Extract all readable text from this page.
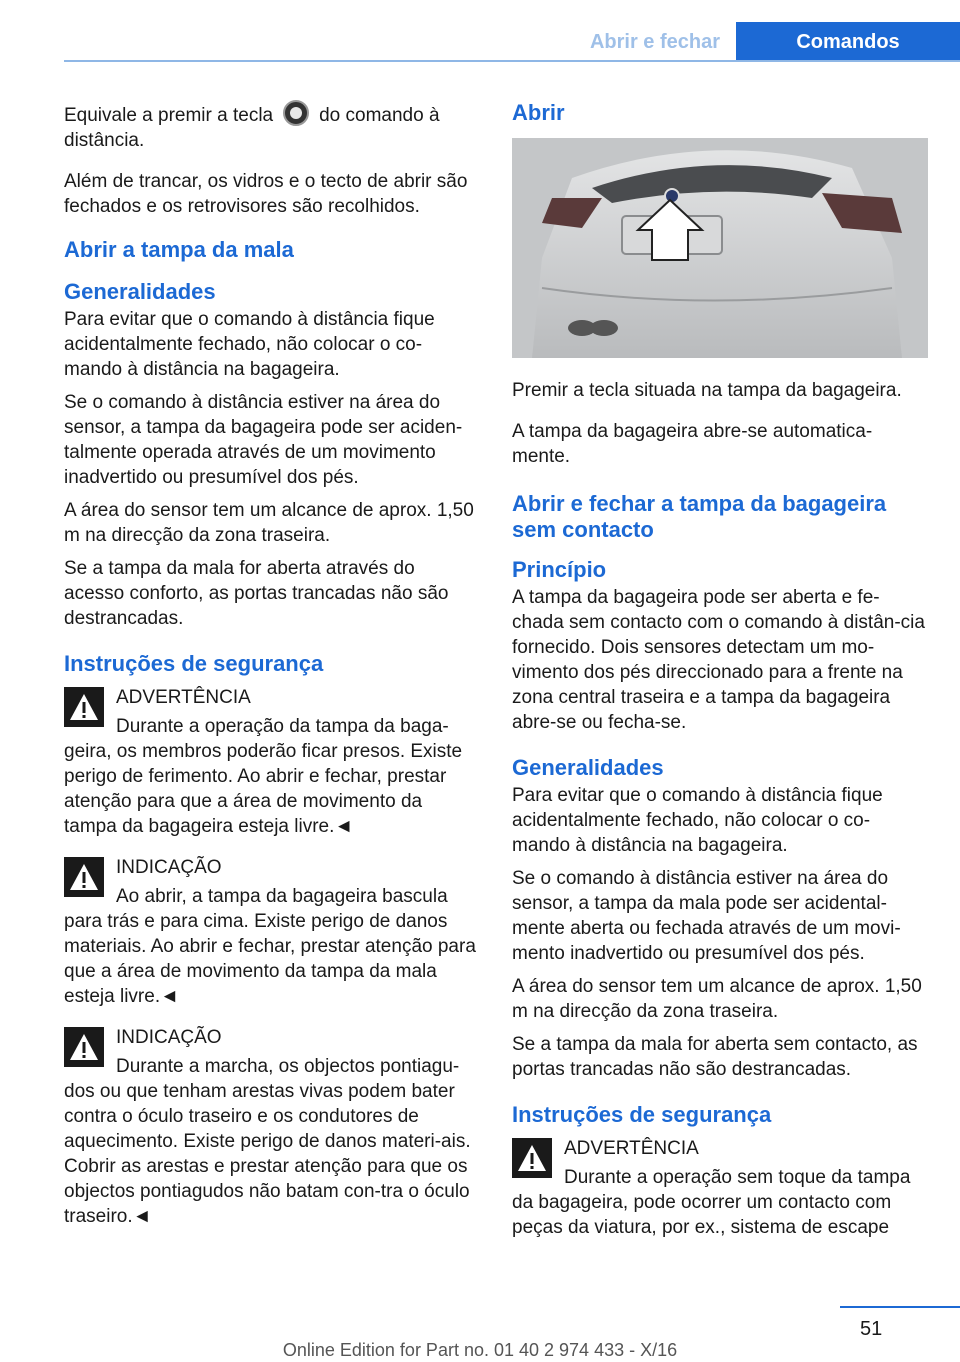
Abrir e fechar	Comandos

Equivale a premir a tecla do comando à distância.

Além de trancar, os vidros e o tecto de abrir são fechados e os retrovisores são recolhidos.

Abrir a tampa da mala
Generalidades

Para evitar que o comando à distância fique acidentalmente fechado, não colocar o co-mando à distância na bagageira.

Se o comando à distância estiver na área do sensor, a tampa da bagageira pode ser aciden-talmente operada através de um movimento inadvertido ou presumível dos pés.

A área do sensor tem um alcance de aprox. 1,50 m na direcção da zona traseira.

Se a tampa da mala for aberta através do acesso conforto, as portas trancadas não são destrancadas.

Instruções de segurança
ADVERTÊNCIA

Durante a operação da tampa da baga-geira, os membros poderão ficar presos. Existe perigo de ferimento. Ao abrir e fechar, prestar atenção para que a área de movimento da tampa da bagageira esteja livre.◄

INDICAÇÃO

Ao abrir, a tampa da bagageira bascula para trás e para cima. Existe perigo de danos materiais. Ao abrir e fechar, prestar atenção para que a área de movimento da tampa da mala esteja livre.◄

INDICAÇÃO

Durante a marcha, os objectos pontiagu-dos ou que tenham arestas vivas podem bater contra o óculo traseiro e os condutores de aquecimento. Existe perigo de danos materi-ais. Cobrir as arestas e prestar atenção para que os objectos pontiagudos não batam con-tra o óculo traseiro.◄

Abrir

Premir a tecla situada na tampa da bagageira.

A tampa da bagageira abre-se automatica-mente.

Abrir e fechar a tampa da bagageira sem contacto
Princípio

A tampa da bagageira pode ser aberta e fe-chada sem contacto com o comando à distân-cia fornecido. Dois sensores detectam um mo-vimento dos pés direccionado para a frente na zona central traseira e a tampa da bagageira abre-se ou fecha-se.

Generalidades

Para evitar que o comando à distância fique acidentalmente fechado, não colocar o co-mando à distância na bagageira.

Se o comando à distância estiver na área do sensor, a tampa da mala pode ser acidental-mente aberta ou fechada através de um movi-mento inadvertido ou presumível dos pés.

A área do sensor tem um alcance de aprox. 1,50 m na direcção da zona traseira.

Se a tampa da mala for aberta sem contacto, as portas trancadas não são destrancadas.

Instruções de segurança
ADVERTÊNCIA

Durante a operação sem toque da tampa da bagageira, pode ocorrer um contacto com peças da viatura, por ex., sistema de escape

51
Online Edition for Part no. 01 40 2 974 433 - X/16
